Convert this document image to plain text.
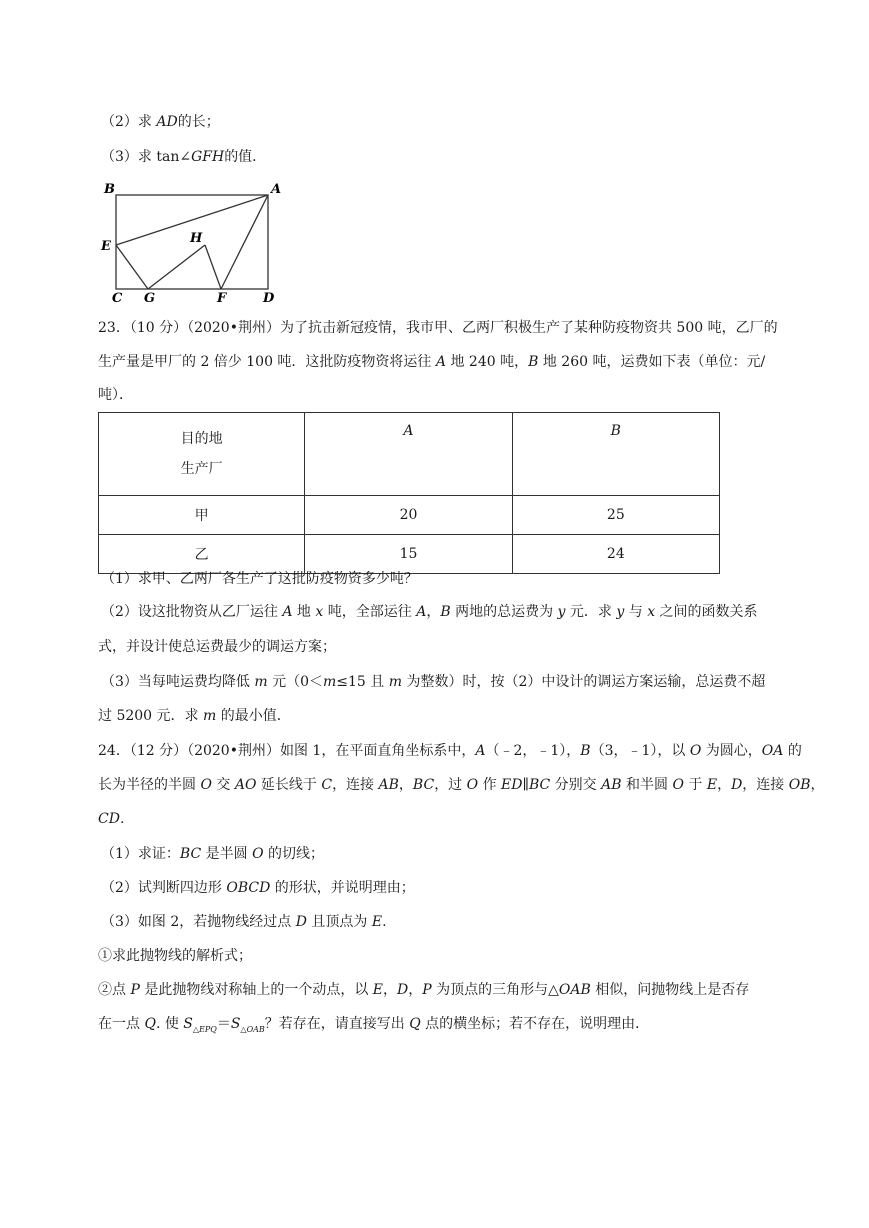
（2）求 AD的长；
（3）求 tan∠GFH的值．
B	A
E
H
C G	F	D
23．（10 分）（2020•荆州）为了抗击新冠疫情，我市甲、乙两厂积极生产了某种防疫物资共 500 吨，乙厂的
生产量是甲厂的 2 倍少 100 吨．这批防疫物资将运往 A 地 240 吨，B 地 260 吨，运费如下表（单位：元/
吨）．
目的地
生产厂	A	B
甲	20	25
乙	15	24
（1）求甲、乙两厂各生产了这批防疫物资多少吨？
（2）设这批物资从乙厂运往 A 地 x 吨，全部运往 A，B 两地的总运费为 y 元．求 y 与 x 之间的函数关系
式，并设计使总运费最少的调运方案；
（3）当每吨运费均降低 m 元（0＜m≤15 且 m 为整数）时，按（2）中设计的调运方案运输，总运费不超
过 5200 元．求 m 的最小值．
24．（12 分）（2020•荆州）如图 1，在平面直角坐标系中，A（﹣2，﹣1），B（3，﹣1），以 O 为圆心，OA 的
长为半径的半圆 O 交 AO 延长线于 C，连接 AB，BC，过 O 作 ED∥BC 分别交 AB 和半圆 O 于 E，D，连接 OB，
CD.
（1）求证：BC 是半圆 O 的切线；
（2）试判断四边形 OBCD 的形状，并说明理由；
（3）如图 2，若抛物线经过点 D 且顶点为 E.
①求此抛物线的解析式；
②点 P 是此抛物线对称轴上的一个动点，以 E，D，P 为顶点的三角形与△OAB 相似，问抛物线上是否存
在一点 Q. 使 $S_{\triangle EPQ}=S_{\triangle OAB}$？若存在，请直接写出 Q 点的横坐标；若不存在，说明理由．
